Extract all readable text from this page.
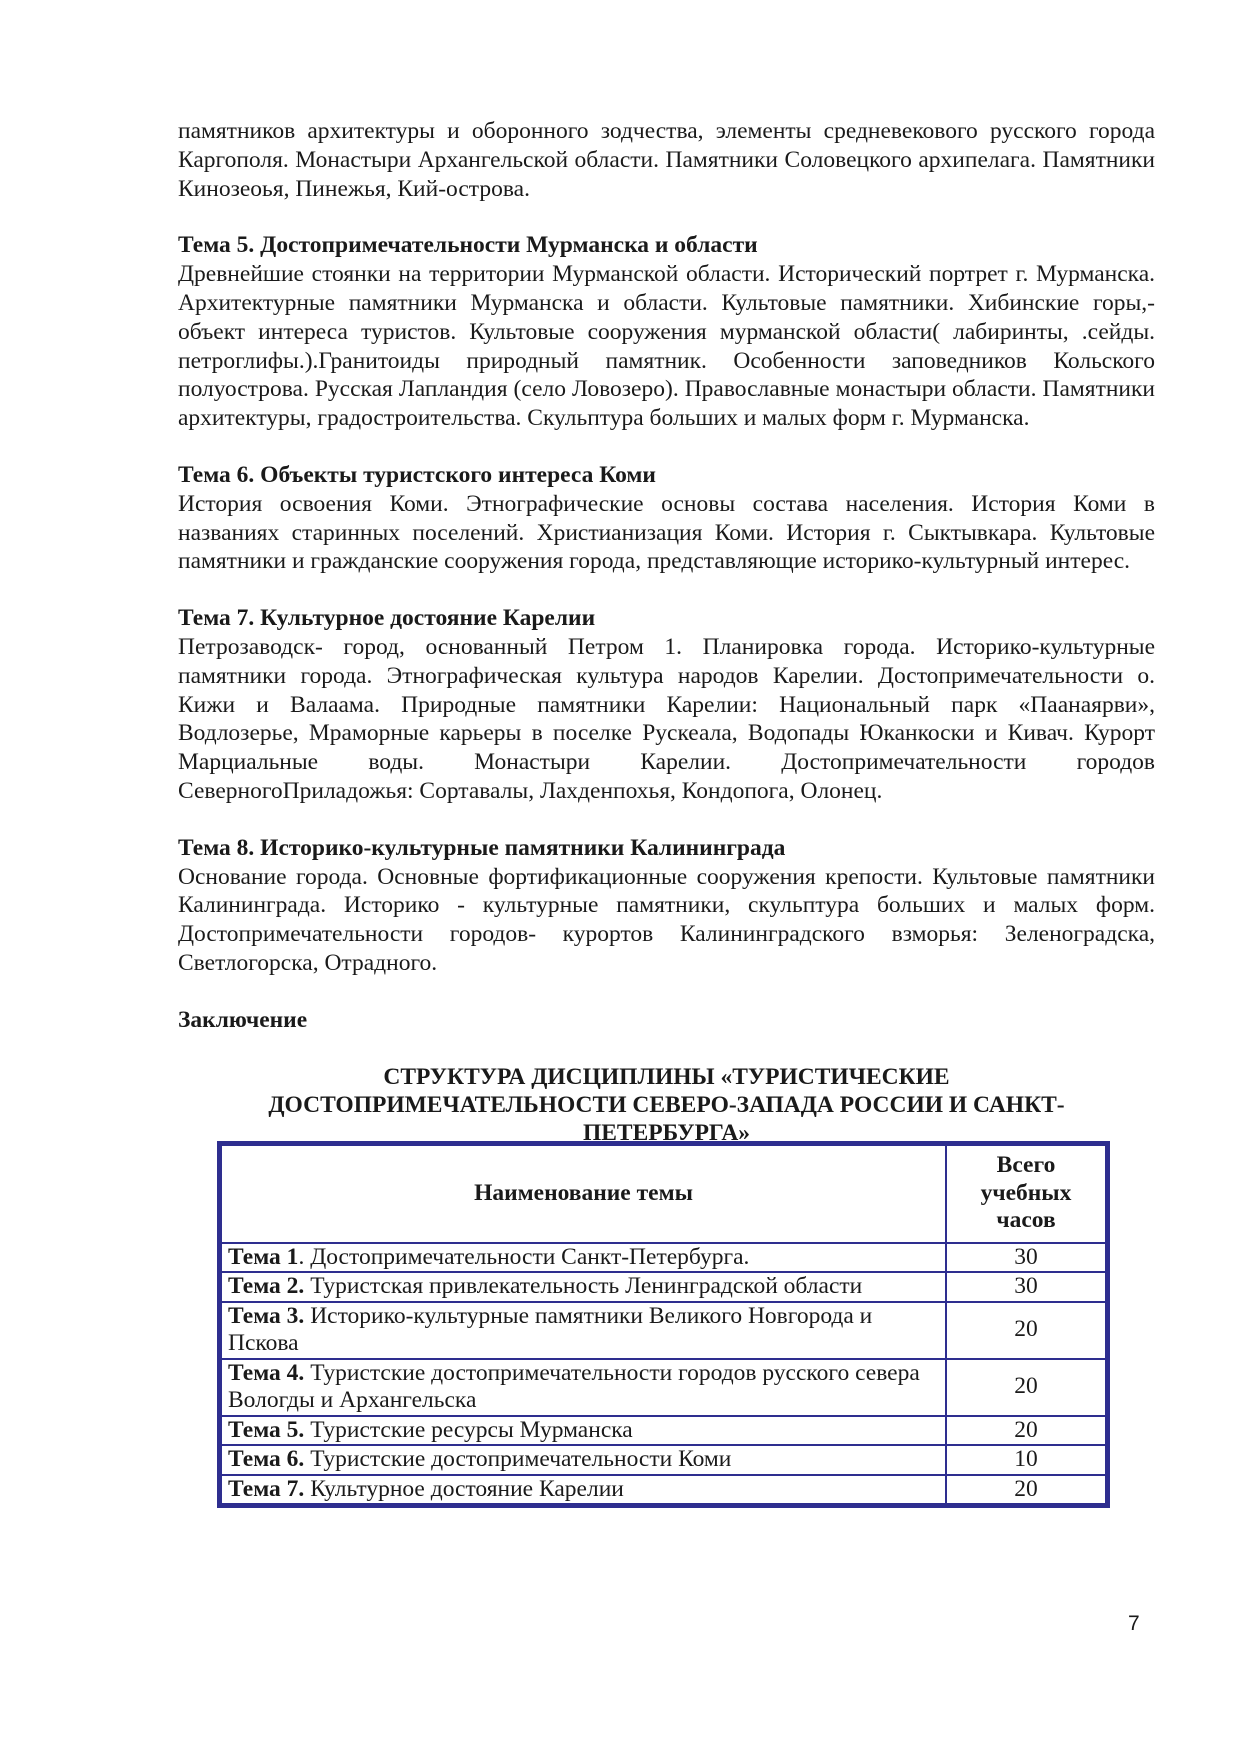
памятников архитектуры и оборонного зодчества, элементы средневекового русского города Каргополя. Монастыри Архангельской области. Памятники Соловецкого архипелага. Памятники Кинозеоья, Пинежья, Кий-острова.

Тема 5. Достопримечательности Мурманска и области

Древнейшие стоянки на территории Мурманской области. Исторический портрет г. Мурманска. Архитектурные памятники Мурманска и области. Культовые памятники. Хибинские горы,- объект интереса туристов. Культовые сооружения мурманской области( лабиринты, .сейды. петроглифы.).Гранитоиды природный памятник. Особенности заповедников Кольского полуострова. Русская Лапландия (село Ловозеро). Православные монастыри области. Памятники архитектуры, градостроительства. Скульптура больших и малых форм г. Мурманска.

Тема 6. Объекты туристского интереса Коми

История освоения Коми. Этнографические основы состава населения. История Коми в названиях старинных поселений. Христианизация Коми. История г. Сыктывкара. Культовые памятники и гражданские сооружения города, представляющие историко-культурный интерес.

Тема 7. Культурное достояние Карелии

Петрозаводск- город, основанный Петром 1. Планировка города. Историко-культурные памятники города. Этнографическая культура народов Карелии. Достопримечательности о. Кижи и Валаама. Природные памятники Карелии: Национальный парк «Паанаярви», Водлозерье, Мраморные карьеры в поселке Рускеала, Водопады Юканкоски и Кивач. Курорт Марциальные воды. Монастыри Карелии. Достопримечательности городов СеверногоПриладожья: Сортавалы, Лахденпохья, Кондопога, Олонец.

Тема 8. Историко-культурные памятники Калининграда

Основание города. Основные фортификационные сооружения крепости. Культовые памятники Калининграда. Историко - культурные памятники, скульптура больших и малых форм. Достопримечательности городов- курортов Калининградского взморья: Зеленоградска, Светлогорска, Отрадного.

Заключение

СТРУКТУРА ДИСЦИПЛИНЫ «ТУРИСТИЧЕСКИЕ ДОСТОПРИМЕЧАТЕЛЬНОСТИ СЕВЕРО-ЗАПАДА РОССИИ И САНКТ-ПЕТЕРБУРГА»

Наименование темы	Всего учебных часов
Тема 1. Достопримечательности Санкт-Петербурга.	30
Тема 2. Туристская привлекательность Ленинградской области	30
Тема 3. Историко-культурные памятники Великого Новгорода и Пскова	20
Тема 4. Туристские достопримечательности городов русского севера Вологды и Архангельска	20
Тема 5. Туристские ресурсы Мурманска	20
Тема 6. Туристские достопримечательности Коми	10
Тема 7. Культурное достояние Карелии	20
7
